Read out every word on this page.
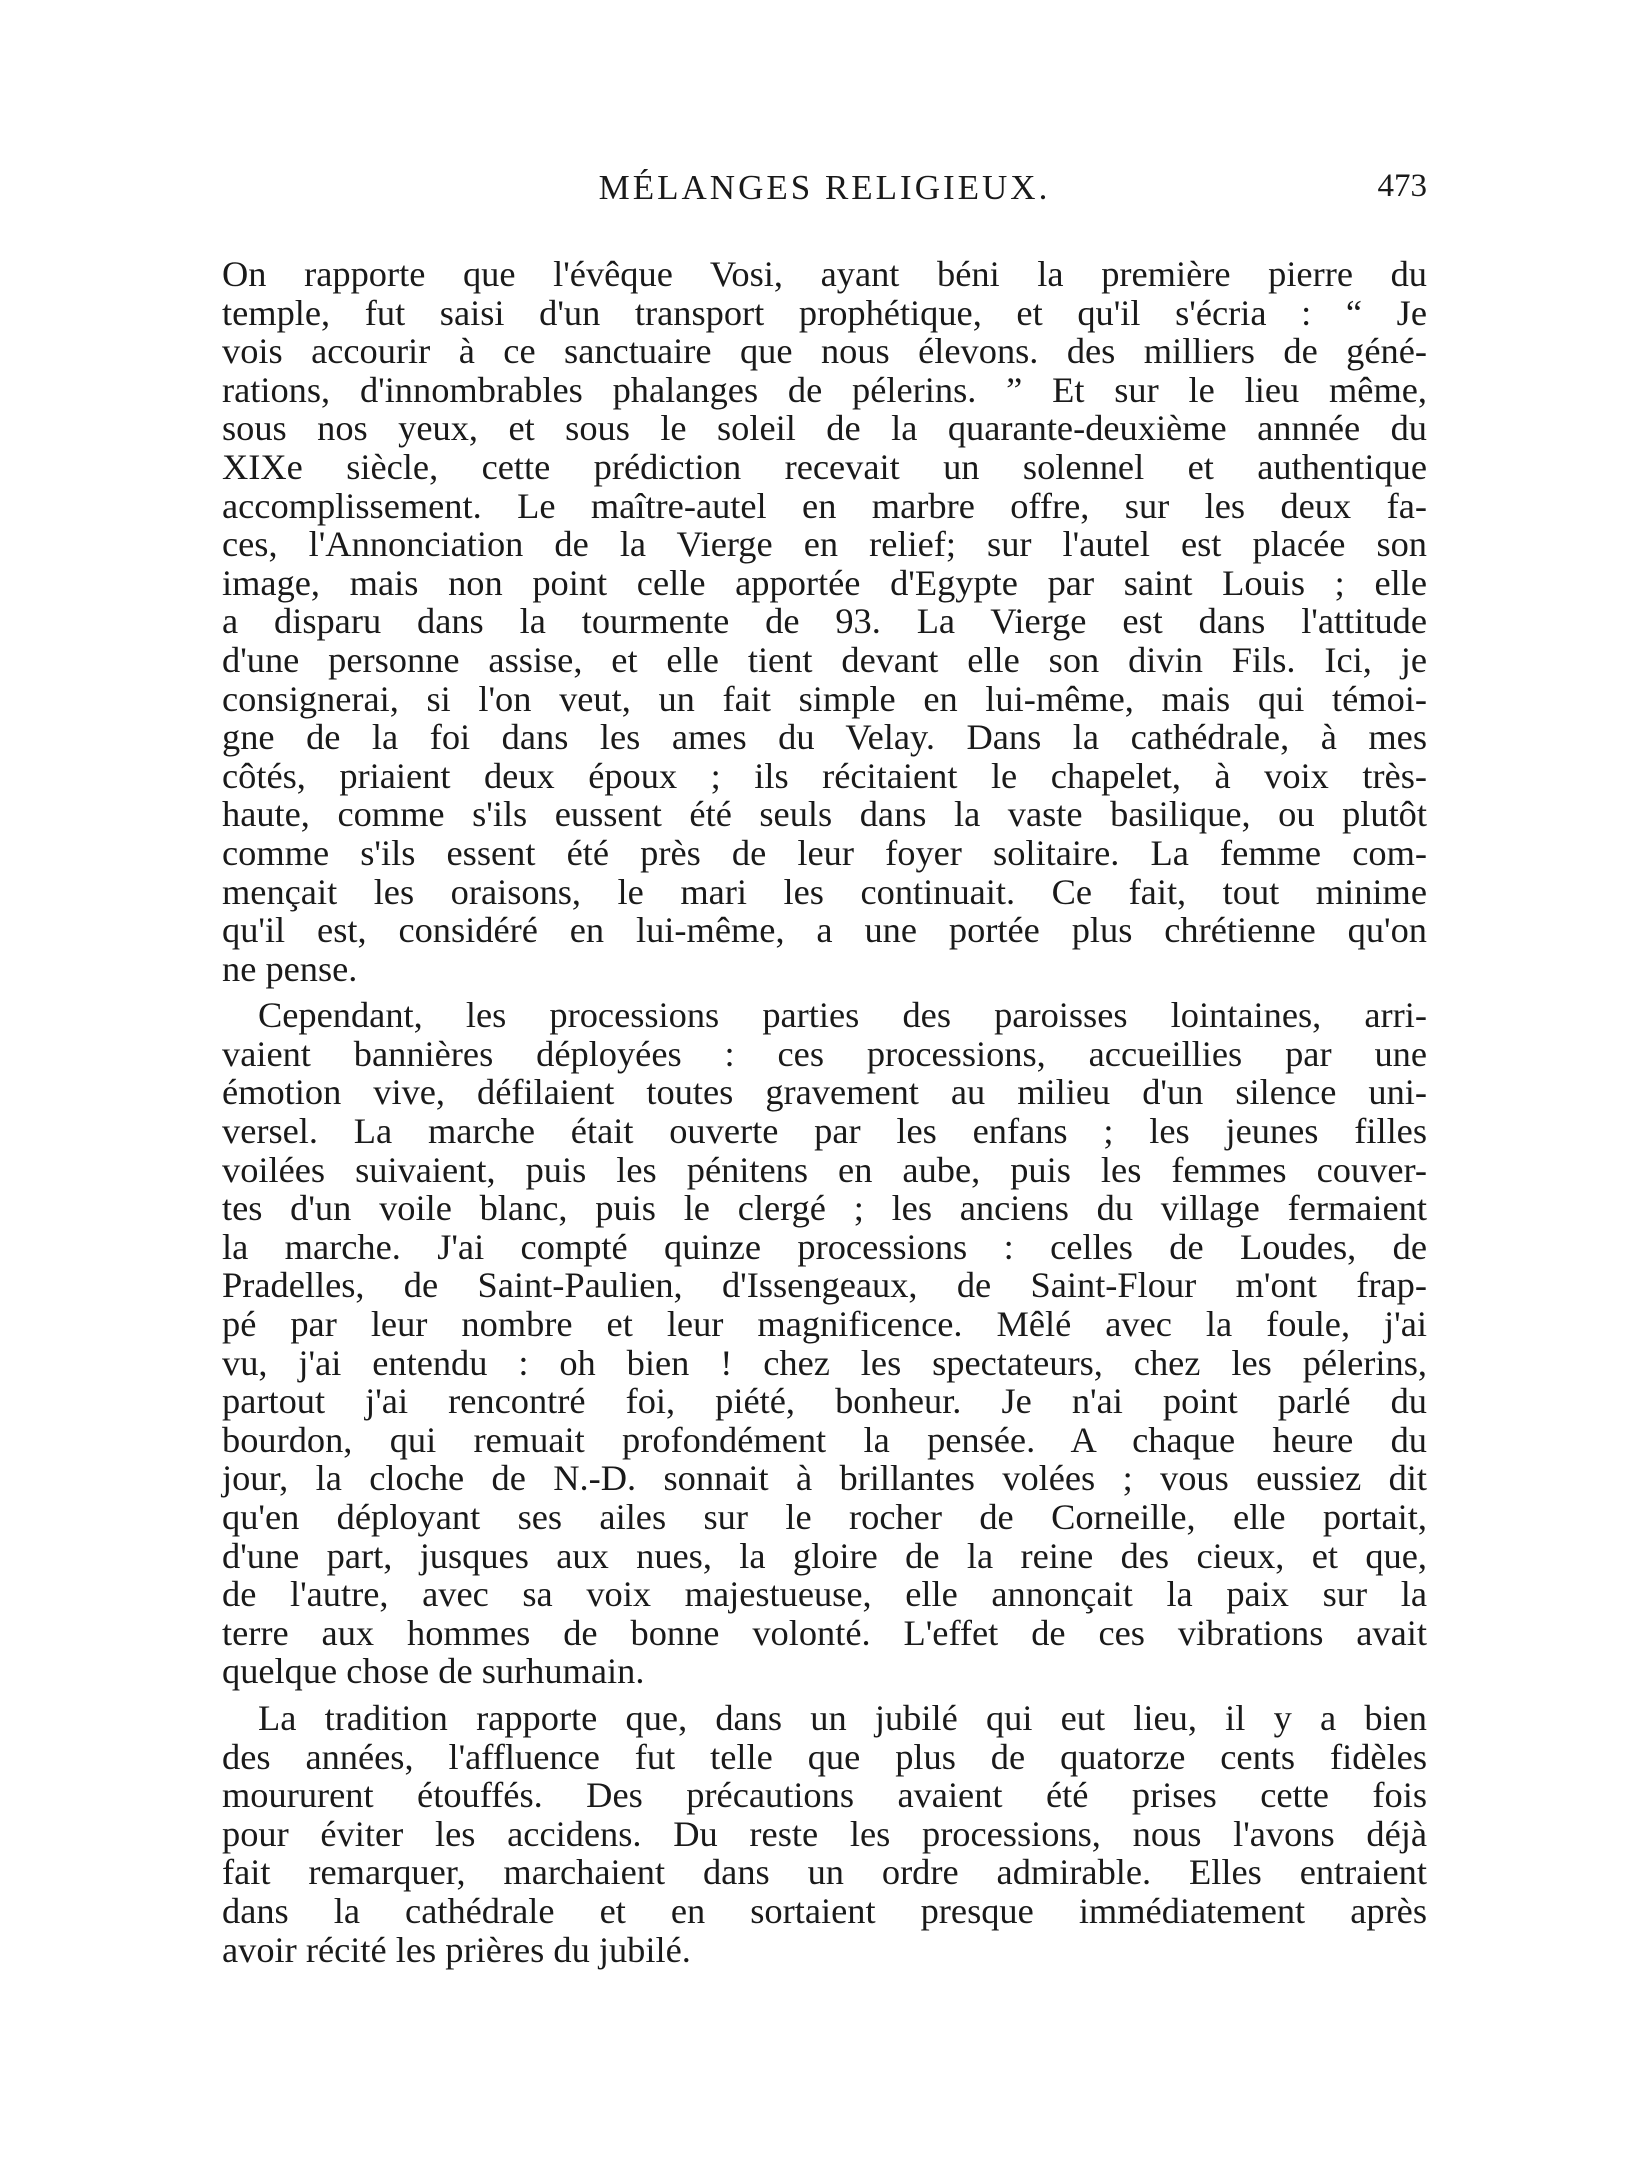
MÉLANGES RELIGIEUX.	473
On rapporte que l'évêque Vosi, ayant béni la première pierre du
temple, fut saisi d'un transport prophétique, et qu'il s'écria : “ Je
vois accourir à ce sanctuaire que nous élevons. des milliers de géné-
rations, d'innombrables phalanges de pélerins. ” Et sur le lieu même,
sous nos yeux, et sous le soleil de la quarante-deuxième annnée du
XIXe siècle, cette prédiction recevait un solennel et authentique
accomplissement. Le maître-autel en marbre offre, sur les deux fa-
ces, l'Annonciation de la Vierge en relief; sur l'autel est placée son
image, mais non point celle apportée d'Egypte par saint Louis ; elle
a disparu dans la tourmente de 93. La Vierge est dans l'attitude
d'une personne assise, et elle tient devant elle son divin Fils. Ici, je
consignerai, si l'on veut, un fait simple en lui-même, mais qui témoi-
gne de la foi dans les ames du Velay. Dans la cathédrale, à mes
côtés, priaient deux époux ; ils récitaient le chapelet, à voix très-
haute, comme s'ils eussent été seuls dans la vaste basilique, ou plutôt
comme s'ils essent été près de leur foyer solitaire. La femme com-
mençait les oraisons, le mari les continuait. Ce fait, tout minime
qu'il est, considéré en lui-même, a une portée plus chrétienne qu'on
ne pense.
Cependant, les processions parties des paroisses lointaines, arri-
vaient bannières déployées : ces processions, accueillies par une
émotion vive, défilaient toutes gravement au milieu d'un silence uni-
versel. La marche était ouverte par les enfans ; les jeunes filles
voilées suivaient, puis les pénitens en aube, puis les femmes couver-
tes d'un voile blanc, puis le clergé ; les anciens du village fermaient
la marche. J'ai compté quinze processions : celles de Loudes, de
Pradelles, de Saint-Paulien, d'Issengeaux, de Saint-Flour m'ont frap-
pé par leur nombre et leur magnificence. Mêlé avec la foule, j'ai
vu, j'ai entendu : oh bien ! chez les spectateurs, chez les pélerins,
partout j'ai rencontré foi, piété, bonheur. Je n'ai point parlé du
bourdon, qui remuait profondément la pensée. A chaque heure du
jour, la cloche de N.-D. sonnait à brillantes volées ; vous eussiez dit
qu'en déployant ses ailes sur le rocher de Corneille, elle portait,
d'une part, jusques aux nues, la gloire de la reine des cieux, et que,
de l'autre, avec sa voix majestueuse, elle annonçait la paix sur la
terre aux hommes de bonne volonté. L'effet de ces vibrations avait
quelque chose de surhumain.
La tradition rapporte que, dans un jubilé qui eut lieu, il y a bien
des années, l'affluence fut telle que plus de quatorze cents fidèles
moururent étouffés. Des précautions avaient été prises cette fois
pour éviter les accidens. Du reste les processions, nous l'avons déjà
fait remarquer, marchaient dans un ordre admirable. Elles entraient
dans la cathédrale et en sortaient presque immédiatement après
avoir récité les prières du jubilé.
